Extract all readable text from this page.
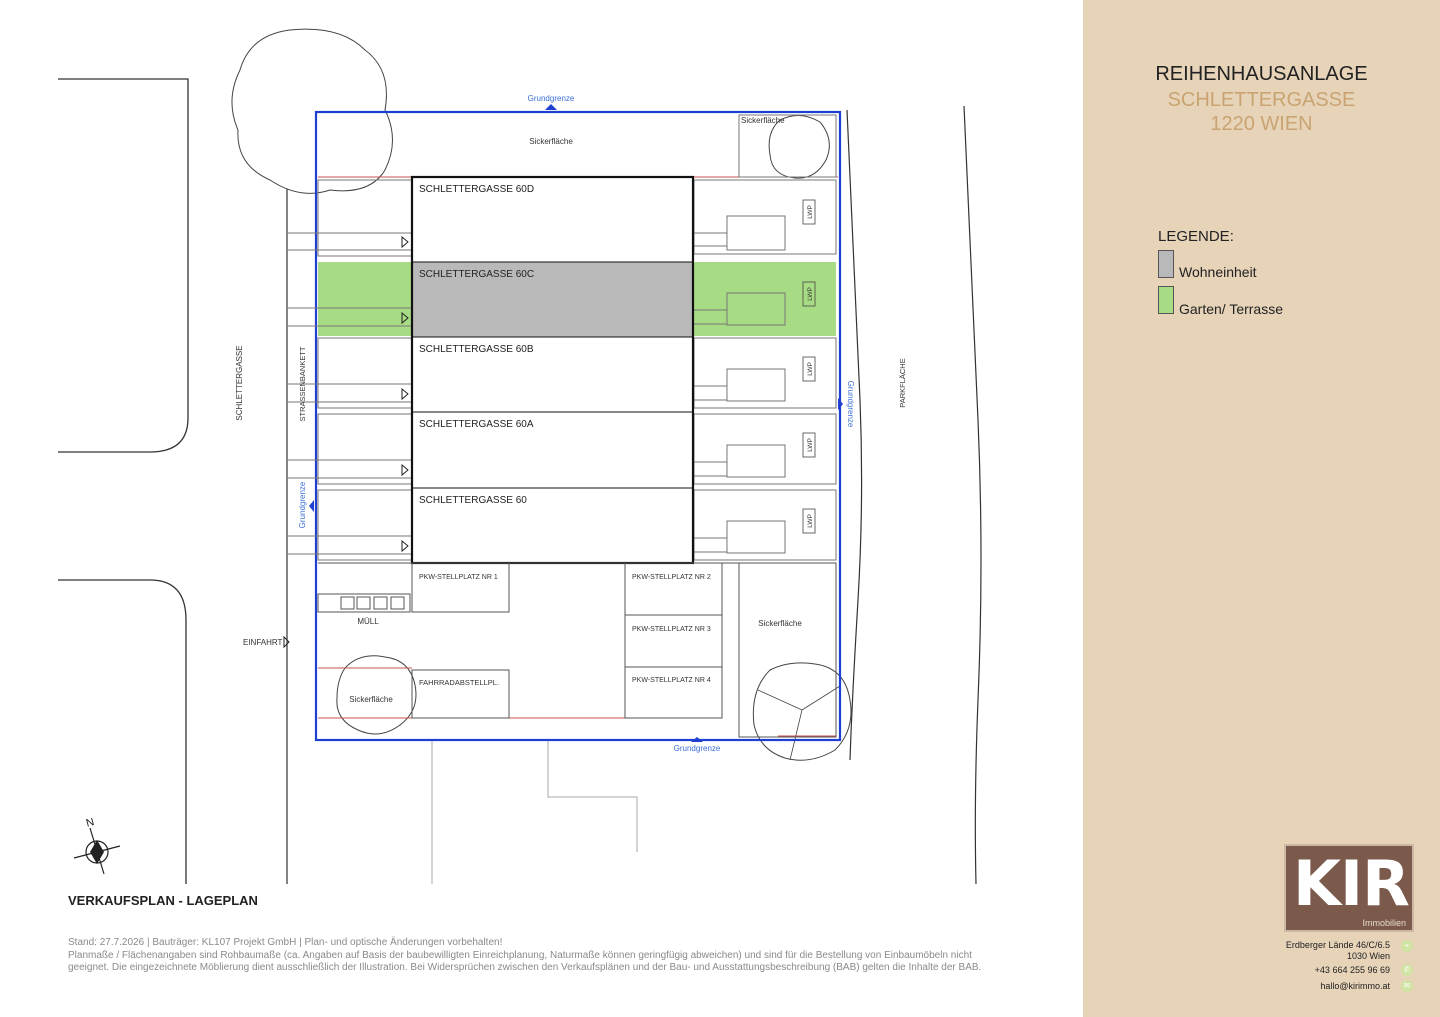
LWP
LWP
LWP
LWP
LWP
SCHLETTERGASSE 60D
SCHLETTERGASSE 60C
SCHLETTERGASSE 60B
SCHLETTERGASSE 60A
SCHLETTERGASSE 60
Grundgrenze
Grundgrenze
Grundgrenze
Grundgrenze
Sickerfläche
Sickerfläche
Sickerfläche
Sickerfläche
PKW-STELLPLATZ NR 1	PKW-STELLPLATZ NR 2
PKW-STELLPLATZ NR 3
PKW-STELLPLATZ NR 4
MÜLL
FAHRRADABSTELLPL.
EINFAHRT
SCHLETTERGASSE	STRASSENBANKETT	PARKFLÄCHE
N
VERKAUFSPLAN - LAGEPLAN
Stand: 27.7.2026 | Bauträger: KL107 Projekt GmbH | Plan- und optische Änderungen vorbehalten!
Planmaße / Flächenangaben sind Rohbaumaße (ca. Angaben auf Basis der baubewilligten Einreichplanung, Naturmaße können geringfügig abweichen) und sind für die Bestellung von Einbaumöbeln nicht geeignet. Die eingezeichnete Möblierung dient ausschließlich der Illustration. Bei Widersprüchen zwischen den Verkaufsplänen und der Bau- und Ausstattungsbeschreibung (BAB) gelten die Inhalte der BAB.
REIHENHAUSANLAGE
SCHLETTERGASSE
1220 WIEN
LEGENDE:
Wohneinheit
Garten/ Terrasse
KIR
Immobilien
Erdberger Lände 46/C/6.5
1030 Wien
⌖
+43 664 255 96 69	✆
hallo@kirimmo.at	✉
